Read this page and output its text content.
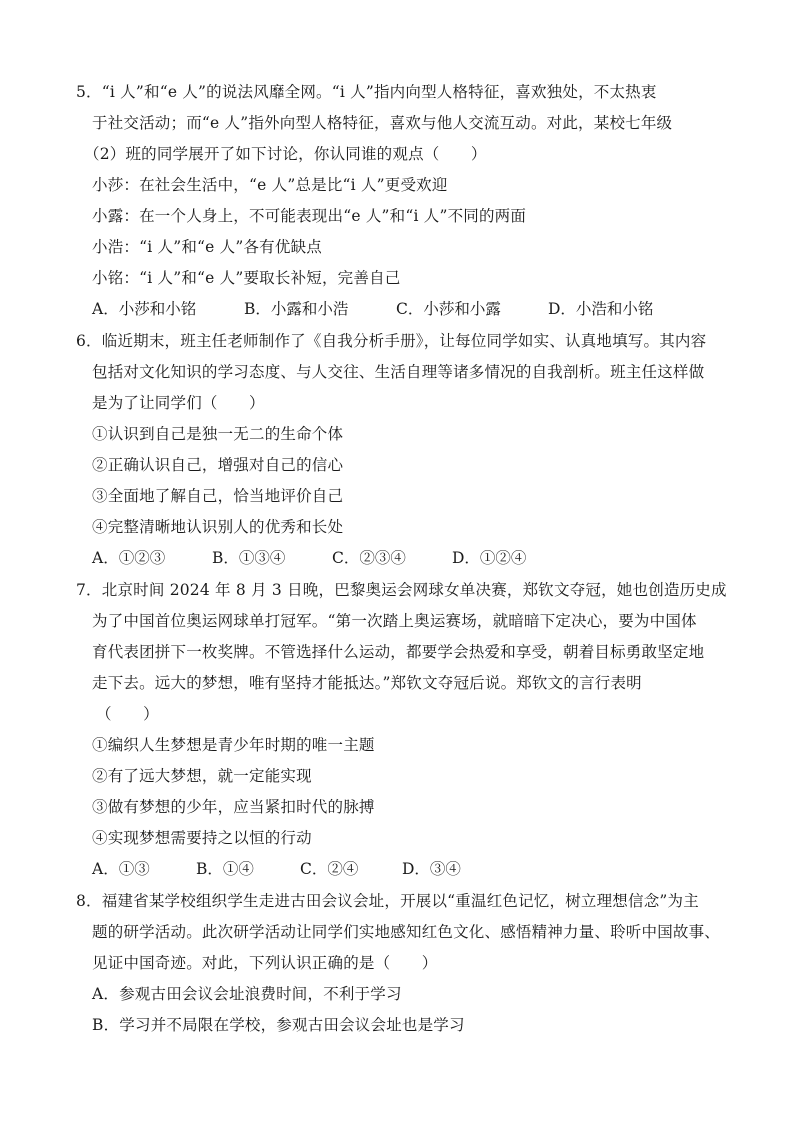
5．“i 人”和“e 人”的说法风靡全网。“i 人”指内向型人格特征，喜欢独处，不太热衷
于社交活动；而“e 人”指外向型人格特征，喜欢与他人交流互动。对此，某校七年级
（2）班的同学展开了如下讨论，你认同谁的观点（　　）
小莎：在社会生活中，“e 人”总是比“i 人”更受欢迎
小露：在一个人身上，不可能表现出“e 人”和“i 人”不同的两面
小浩：“i 人”和“e 人”各有优缺点
小铭：“i 人”和“e 人”要取长补短，完善自己
A．小莎和小铭	B．小露和小浩	C．小莎和小露	D．小浩和小铭
6．临近期末，班主任老师制作了《自我分析手册》，让每位同学如实、认真地填写。其内容
包括对文化知识的学习态度、与人交往、生活自理等诸多情况的自我剖析。班主任这样做
是为了让同学们（　　）
①认识到自己是独一无二的生命个体
②正确认识自己，增强对自己的信心
③全面地了解自己，恰当地评价自己
④完整清晰地认识别人的优秀和长处
A．①②③	B．①③④	C．②③④	D．①②④
7．北京时间 2024 年 8 月 3 日晚，巴黎奥运会网球女单决赛，郑钦文夺冠，她也创造历史成
为了中国首位奥运网球单打冠军。“第一次踏上奥运赛场，就暗暗下定决心，要为中国体
育代表团拼下一枚奖牌。不管选择什么运动，都要学会热爱和享受，朝着目标勇敢坚定地
走下去。远大的梦想，唯有坚持才能抵达。”郑钦文夺冠后说。郑钦文的言行表明
（　　）
①编织人生梦想是青少年时期的唯一主题
②有了远大梦想，就一定能实现
③做有梦想的少年，应当紧扣时代的脉搏
④实现梦想需要持之以恒的行动
A．①③	B．①④	C．②④	D．③④
8．福建省某学校组织学生走进古田会议会址，开展以“重温红色记忆，树立理想信念”为主
题的研学活动。此次研学活动让同学们实地感知红色文化、感悟精神力量、聆听中国故事、
见证中国奇迹。对此，下列认识正确的是（　　）
A．参观古田会议会址浪费时间，不利于学习
B．学习并不局限在学校，参观古田会议会址也是学习
